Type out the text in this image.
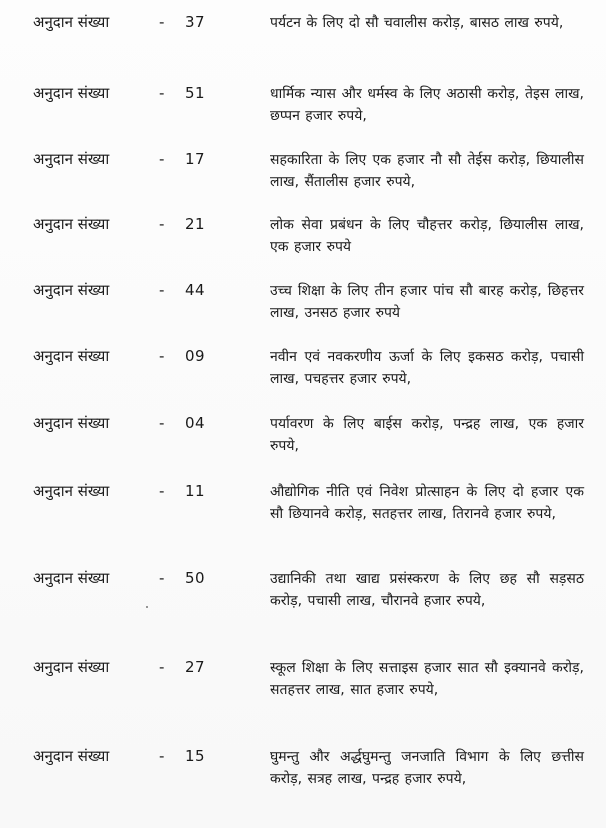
अनुदान संख्या	- 37	पर्यटन के लिए दो सौ चवालीस करोड़, बासठ लाख रुपये,
अनुदान संख्या	- 51	धार्मिक न्यास और धर्मस्व के लिए अठासी करोड़, तेइस लाख, छप्पन हजार रुपये,
अनुदान संख्या	- 17	सहकारिता के लिए एक हजार नौ सौ तेईस करोड़, छियालीस लाख, सैंतालीस हजार रुपये,
अनुदान संख्या	- 21	लोक सेवा प्रबंधन के लिए चौहत्तर करोड़, छियालीस लाख, एक हजार रुपये
अनुदान संख्या	- 44	उच्च शिक्षा के लिए तीन हजार पांच सौ बारह करोड़, छिहत्तर लाख, उनसठ हजार रुपये
अनुदान संख्या	- 09	नवीन एवं नवकरणीय ऊर्जा के लिए इकसठ करोड़, पचासी लाख, पचहत्तर हजार रुपये,
अनुदान संख्या	- 04	पर्यावरण के लिए बाईस करोड़, पन्द्रह लाख, एक हजार रुपये,
अनुदान संख्या	- 11	औद्योगिक नीति एवं निवेश प्रोत्साहन के लिए दो हजार एक सौ छियानवे करोड़, सतहत्तर लाख, तिरानवे हजार रुपये,
अनुदान संख्या	- 50	उद्यानिकी तथा खाद्य प्रसंस्करण के लिए छह सौ सड़सठ करोड़, पचासी लाख, चौरानवे हजार रुपये,
अनुदान संख्या	- 27	स्कूल शिक्षा के लिए सत्ताइस हजार सात सौ इक्यानवे करोड़, सतहत्तर लाख, सात हजार रुपये,
अनुदान संख्या	- 15	घुमन्तु और अर्द्धघुमन्तु जनजाति विभाग के लिए छत्तीस करोड़, सत्रह लाख, पन्द्रह हजार रुपये,
